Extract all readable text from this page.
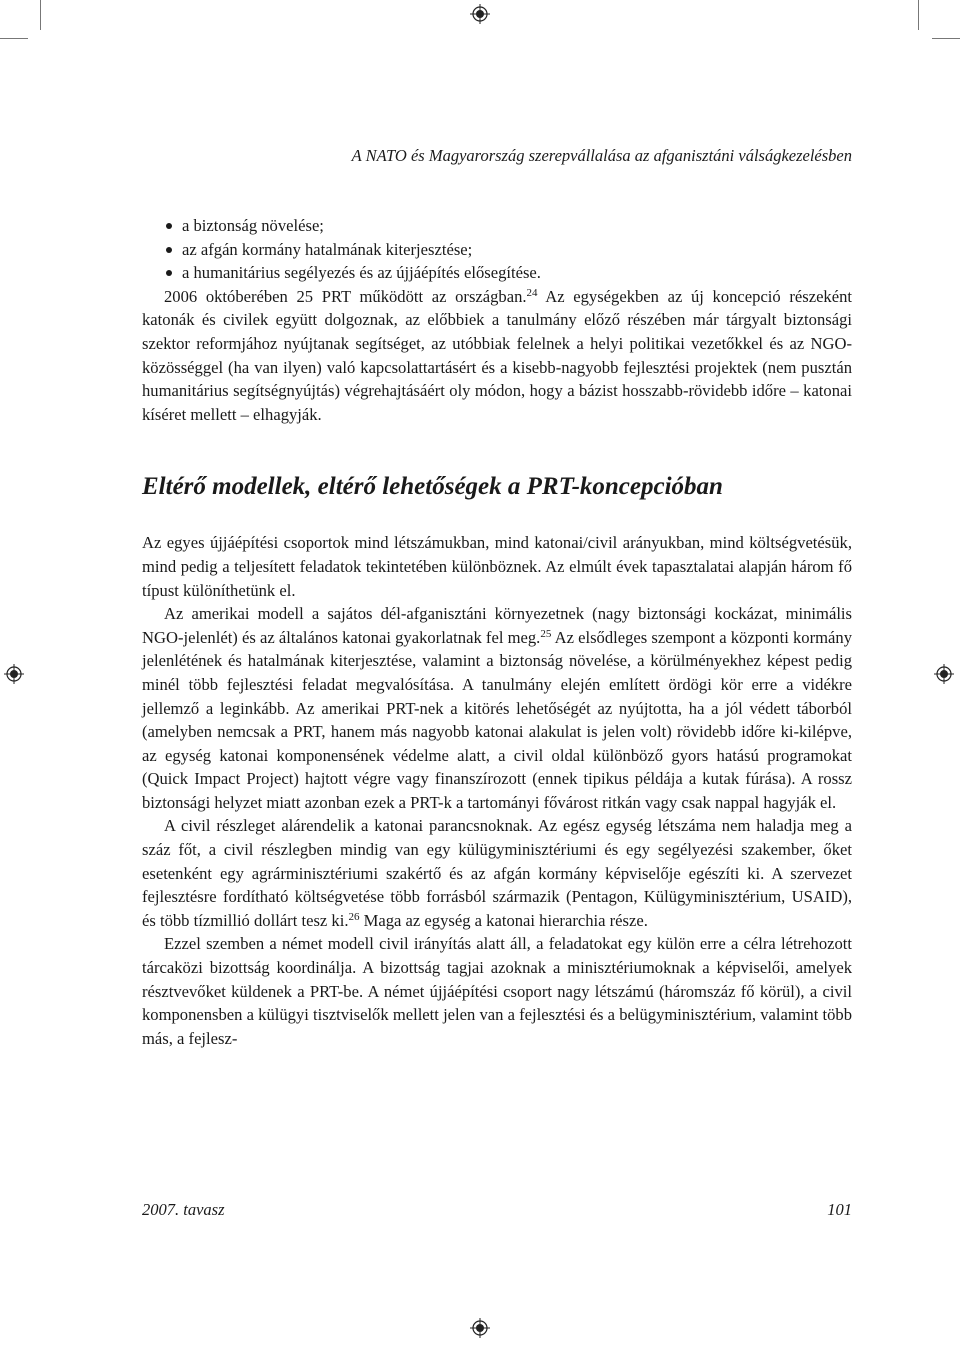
A NATO és Magyarország szerepvállalása az afganisztáni válságkezelésben
a biztonság növelése;
az afgán kormány hatalmának kiterjesztése;
a humanitárius segélyezés és az újjáépítés elősegítése.

2006 októberében 25 PRT működött az országban.$^{24}$ Az egységekben az új koncepció részeként katonák és civilek együtt dolgoznak, az előbbiek a tanulmány előző részében már tárgyalt biztonsági szektor reformjához nyújtanak segítséget, az utóbbiak felelnek a helyi politikai vezetőkkel és az NGO-közösséggel (ha van ilyen) való kapcsolattartásért és a kisebb-nagyobb fejlesztési projektek (nem pusztán humanitárius segítségnyújtás) végrehajtásáért oly módon, hogy a bázist hosszabb-rövidebb időre – katonai kíséret mellett – elhagyják.

Eltérő modellek, eltérő lehetőségek a PRT-koncepcióban

Az egyes újjáépítési csoportok mind létszámukban, mind katonai/civil arányukban, mind költségvetésük, mind pedig a teljesített feladatok tekintetében különböznek. Az elmúlt évek tapasztalatai alapján három fő típust különíthetünk el.

Az amerikai modell a sajátos dél-afganisztáni környezetnek (nagy biztonsági kockázat, minimális NGO-jelenlét) és az általános katonai gyakorlatnak fel meg.$^{25}$ Az elsődleges szempont a központi kormány jelenlétének és hatalmának kiterjesztése, valamint a biztonság növelése, a körülményekhez képest pedig minél több fejlesztési feladat megvalósítása. A tanulmány elején említett ördögi kör erre a vidékre jellemző a leginkább. Az amerikai PRT-nek a kitörés lehetőségét az nyújtotta, ha a jól védett táborból (amelyben nemcsak a PRT, hanem más nagyobb katonai alakulat is jelen volt) rövidebb időre ki-kilépve, az egység katonai komponensének védelme alatt, a civil oldal különböző gyors hatású programokat (Quick Impact Project) hajtott végre vagy finanszírozott (ennek tipikus példája a kutak fúrása). A rossz biztonsági helyzet miatt azonban ezek a PRT-k a tartományi fővárost ritkán vagy csak nappal hagyják el.

A civil részleget alárendelik a katonai parancsnoknak. Az egész egység létszáma nem haladja meg a száz főt, a civil részlegben mindig van egy külügyminisztériumi és egy segélyezési szakember, őket esetenként egy agrárminisztériumi szakértő és az afgán kormány képviselője egészíti ki. A szervezet fejlesztésre fordítható költségvetése több forrásból származik (Pentagon, Külügyminisztérium, USAID), és több tízmillió dollárt tesz ki.$^{26}$ Maga az egység a katonai hierarchia része.

Ezzel szemben a német modell civil irányítás alatt áll, a feladatokat egy külön erre a célra létrehozott tárcaközi bizottság koordinálja. A bizottság tagjai azoknak a minisztériumoknak a képviselői, amelyek résztvevőket küldenek a PRT-be. A német újjáépítési csoport nagy létszámú (háromszáz fő körül), a civil komponensben a külügyi tisztviselők mellett jelen van a fejlesztési és a belügyminisztérium, valamint több más, a fejlesz-

2007. tavasz	101
